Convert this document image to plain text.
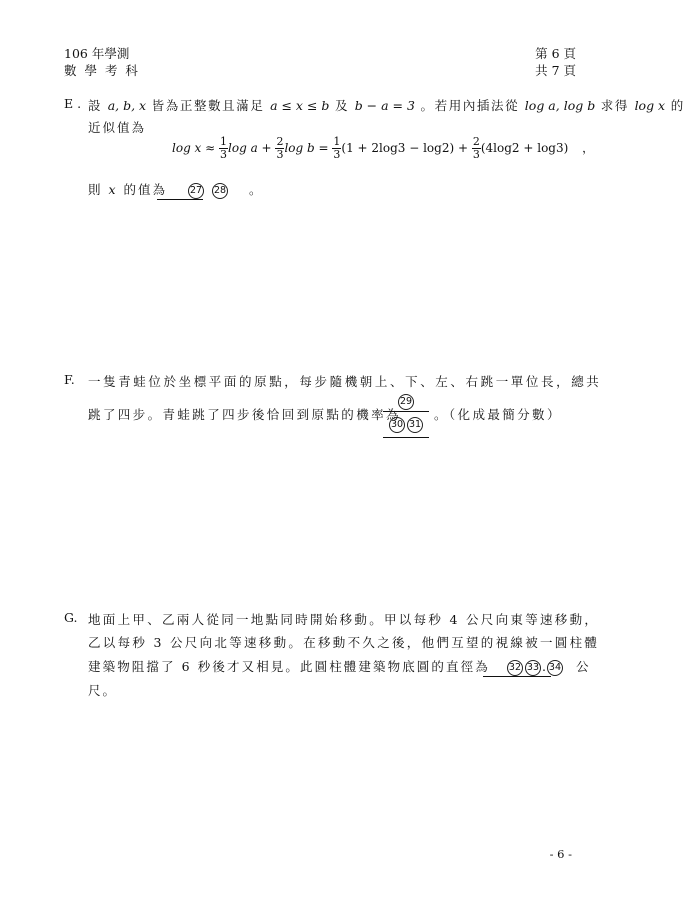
106 年學測
數 學 考 科
第 6 頁
共 7 頁
E . 設 a, b, x 皆為正整數且滿足 a ≤ x ≤ b 及 b − a = 3 。若用內插法從 log a, log b 求得 log x 的
近似值為
$\log x \approx \frac{1}{3}$ $\log a + \frac{2}{3}$ $\log b = \frac{1}{3} (1 + 2\log 3 - \log 2) + \frac{2}{3} (4\log 2 + \log 3)$ ，
則 x 的值為 27 28 。
F. 一隻青蛙位於坐標平面的原點，每步隨機朝上、下、左、右跳一單位長，總共
跳了四步。青蛙跳了四步後恰回到原點的機率為
$\frac{29}{30 31}$ 。（化成最簡分數）
G. 地面上甲、乙兩人從同一地點同時開始移動。甲以每秒 4 公尺向東等速移動，
乙以每秒 3 公尺向北等速移動。在移動不久之後，他們互望的視線被一圓柱體
建築物阻擋了 6 秒後才又相見。此圓柱體建築物底圓的直徑為 32 33 . 34 公
尺。
- 6 -
